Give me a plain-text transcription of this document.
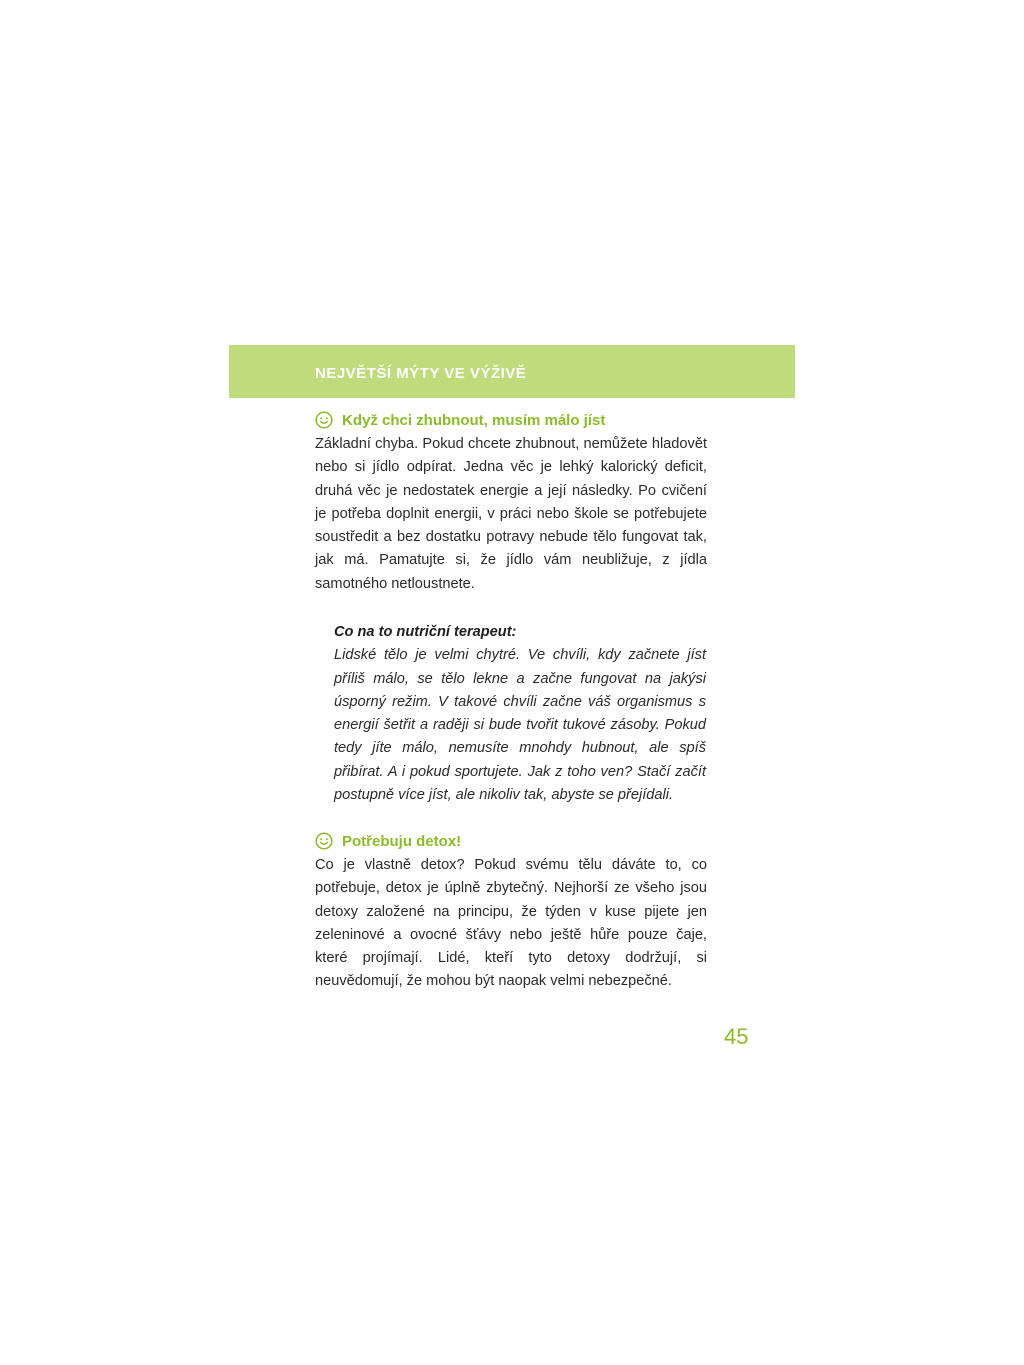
NEJVĚTŠÍ MÝTY VE VÝŽIVĚ
Když chci zhubnout, musím málo jíst

Základní chyba. Pokud chcete zhubnout, nemůžete hladovět nebo si jídlo odpírat. Jedna věc je lehký kalorický deficit, druhá věc je nedostatek energie a její následky. Po cvičení je potřeba doplnit energii, v práci nebo škole se potřebujete soustředit a bez dostatku potravy nebude tělo fungovat tak, jak má. Pamatujte si, že jídlo vám neubližuje, z jídla samotného netloustnete.

Co na to nutriční terapeut:

Lidské tělo je velmi chytré. Ve chvíli, kdy začnete jíst příliš málo, se tělo lekne a začne fungovat na jakýsi úsporný režim. V takové chvíli začne váš organismus s energií šetřit a raději si bude tvořit tukové zásoby. Pokud tedy jíte málo, nemusíte mnohdy hubnout, ale spíš přibírat. A i pokud sportujete. Jak z toho ven? Stačí začít postupně více jíst, ale nikoliv tak, abyste se přejídali.

Potřebuju detox!

Co je vlastně detox? Pokud svému tělu dáváte to, co potřebuje, detox je úplně zbytečný. Nejhorší ze všeho jsou detoxy založené na principu, že týden v kuse pijete jen zeleninové a ovocné šťávy nebo ještě hůře pouze čaje, které projímají. Lidé, kteří tyto detoxy dodržují, si neuvědomují, že mohou být naopak velmi nebezpečné.

45
